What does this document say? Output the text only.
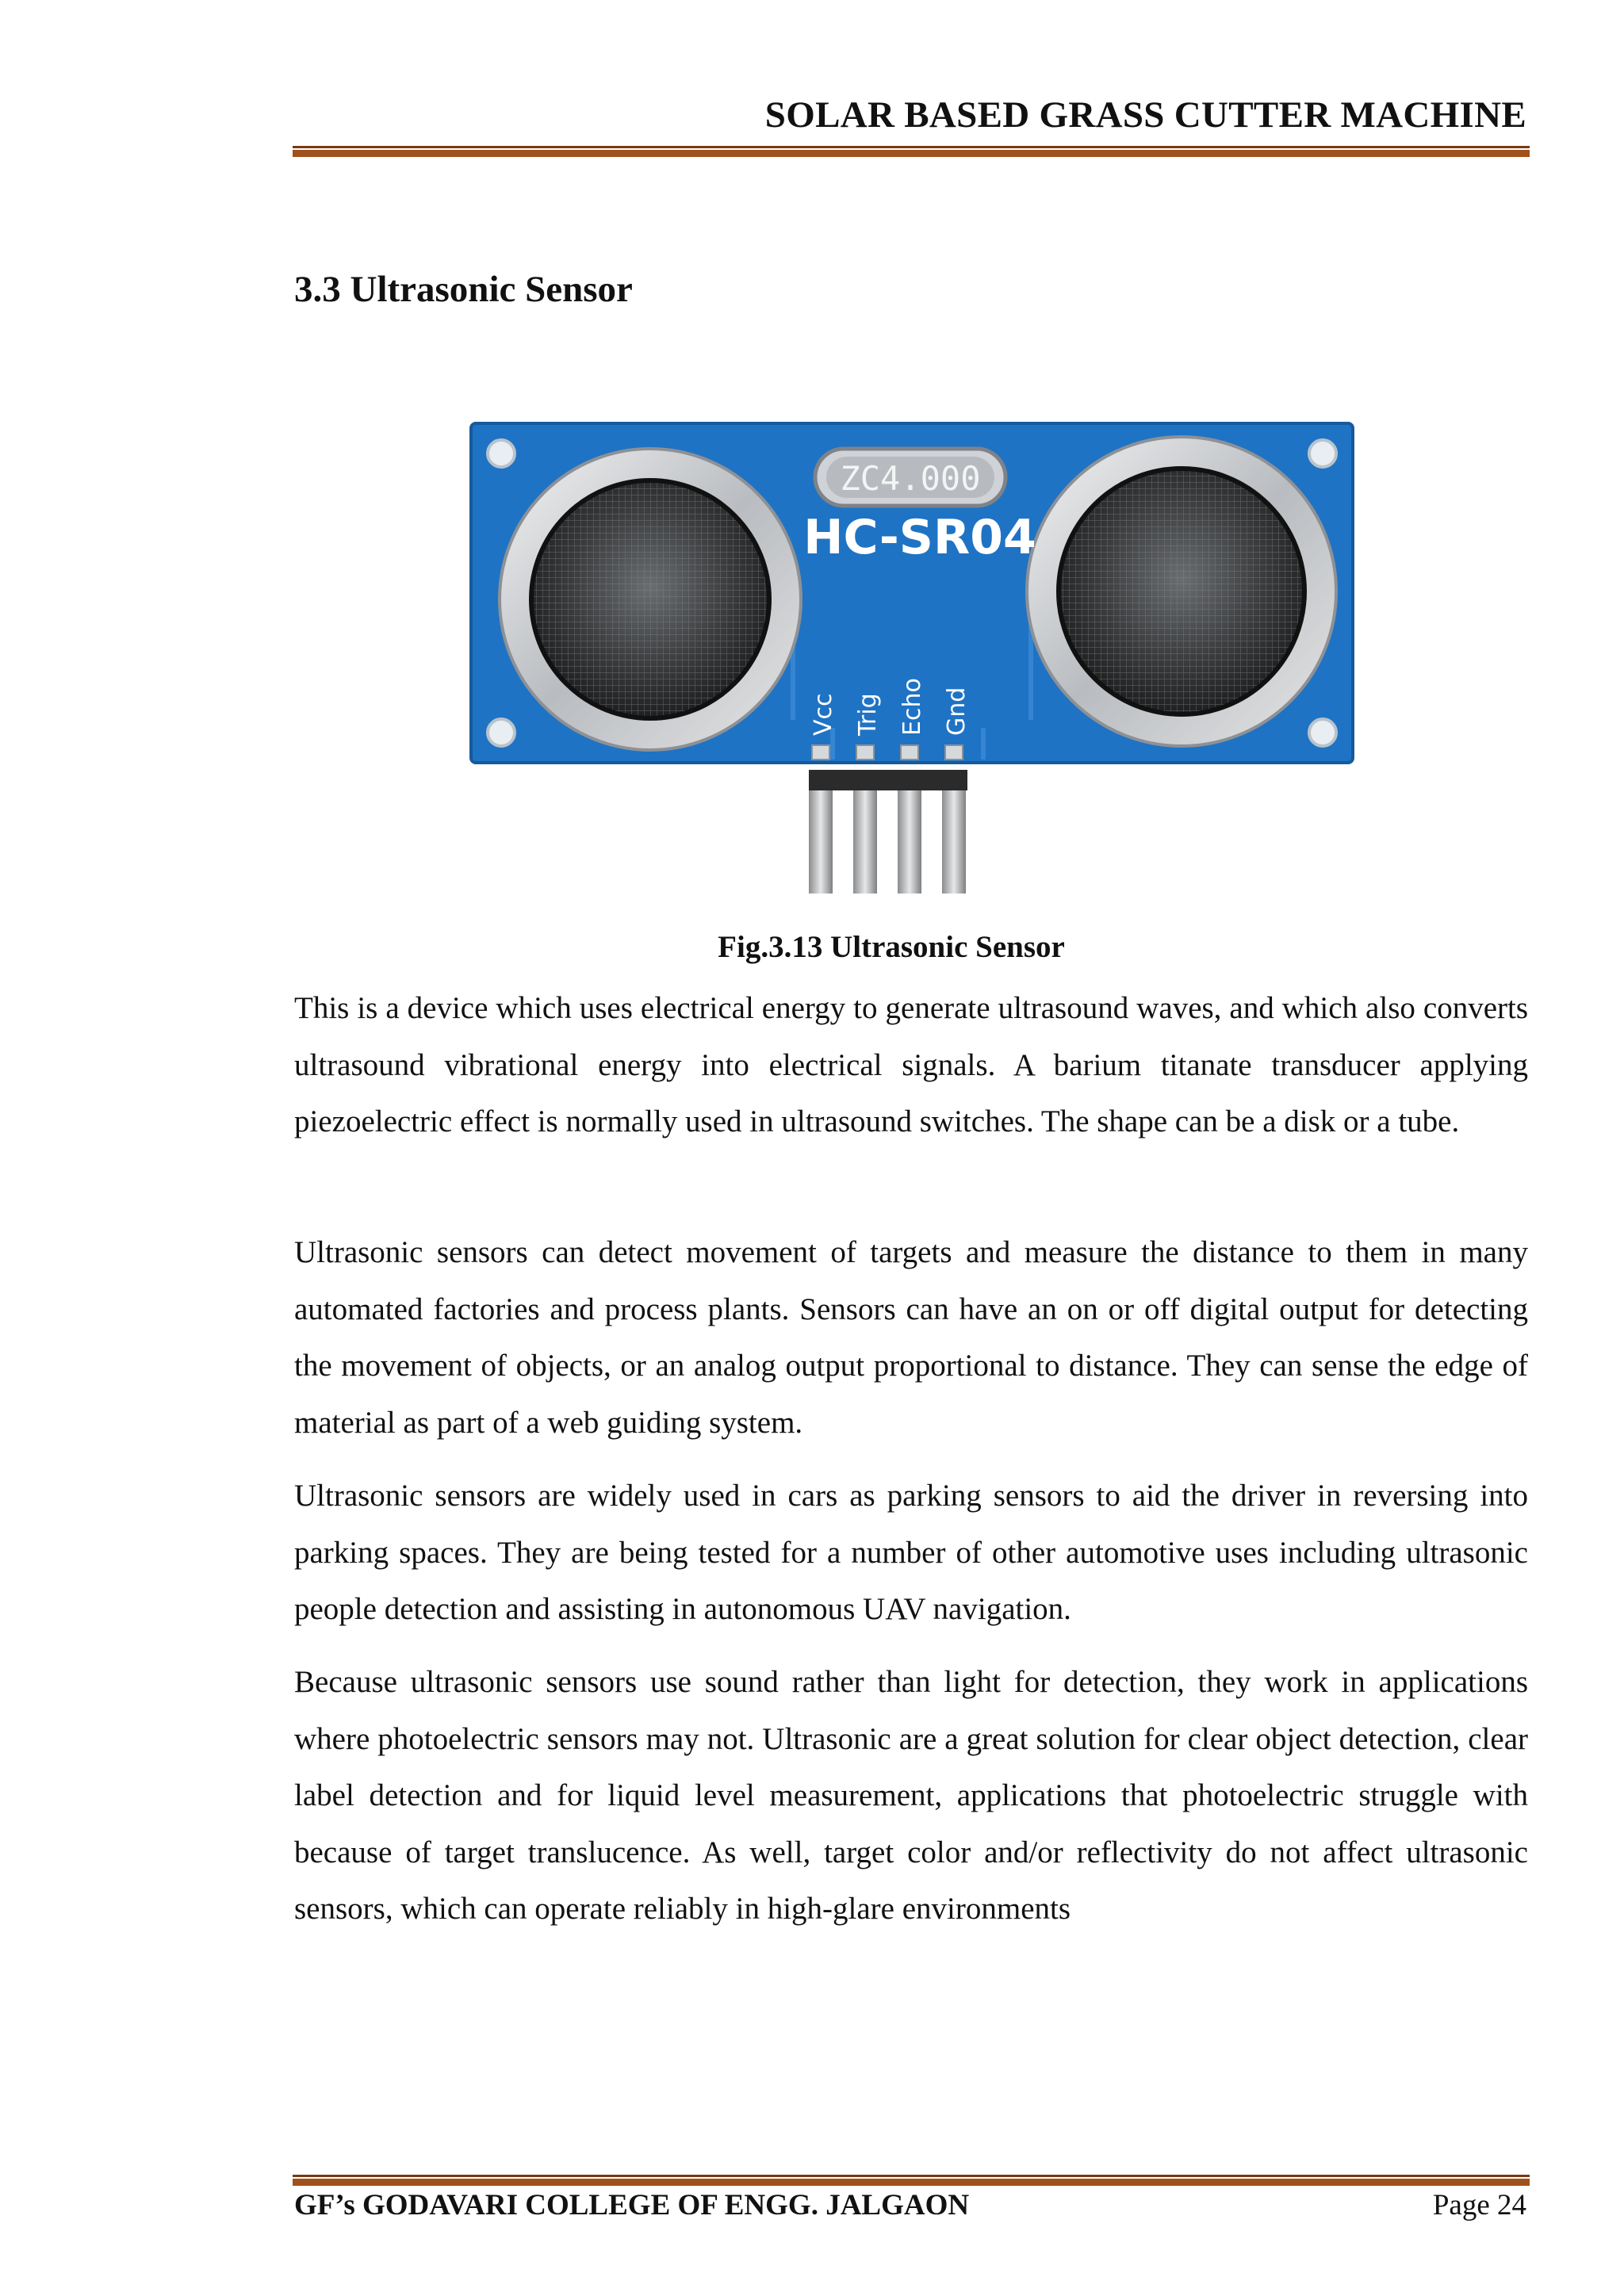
SOLAR BASED GRASS CUTTER MACHINE
3.3 Ultrasonic Sensor
ZC4.000
HC-SR04
Vcc Trig Echo Gnd
Fig.3.13 Ultrasonic Sensor

This is a device which uses electrical energy to generate ultrasound waves, and which also converts ultrasound vibrational energy into electrical signals. A barium titanate transducer applying piezoelectric effect is normally used in ultrasound switches. The shape can be a disk or a tube.

Ultrasonic sensors can detect movement of targets and measure the distance to them in many automated factories and process plants. Sensors can have an on or off digital output for detecting the movement of objects, or an analog output proportional to distance. They can sense the edge of material as part of a web guiding system.

Ultrasonic sensors are widely used in cars as parking sensors to aid the driver in reversing into parking spaces. They are being tested for a number of other automotive uses including ultrasonic people detection and assisting in autonomous UAV navigation.

Because ultrasonic sensors use sound rather than light for detection, they work in applications where photoelectric sensors may not. Ultrasonic are a great solution for clear object detection, clear label detection and for liquid level measurement, applications that photoelectric struggle with because of target translucence. As well, target color and/or reflectivity do not affect ultrasonic sensors, which can operate reliably in high-glare environments

GF’s GODAVARI COLLEGE OF ENGG. JALGAON	Page 24
